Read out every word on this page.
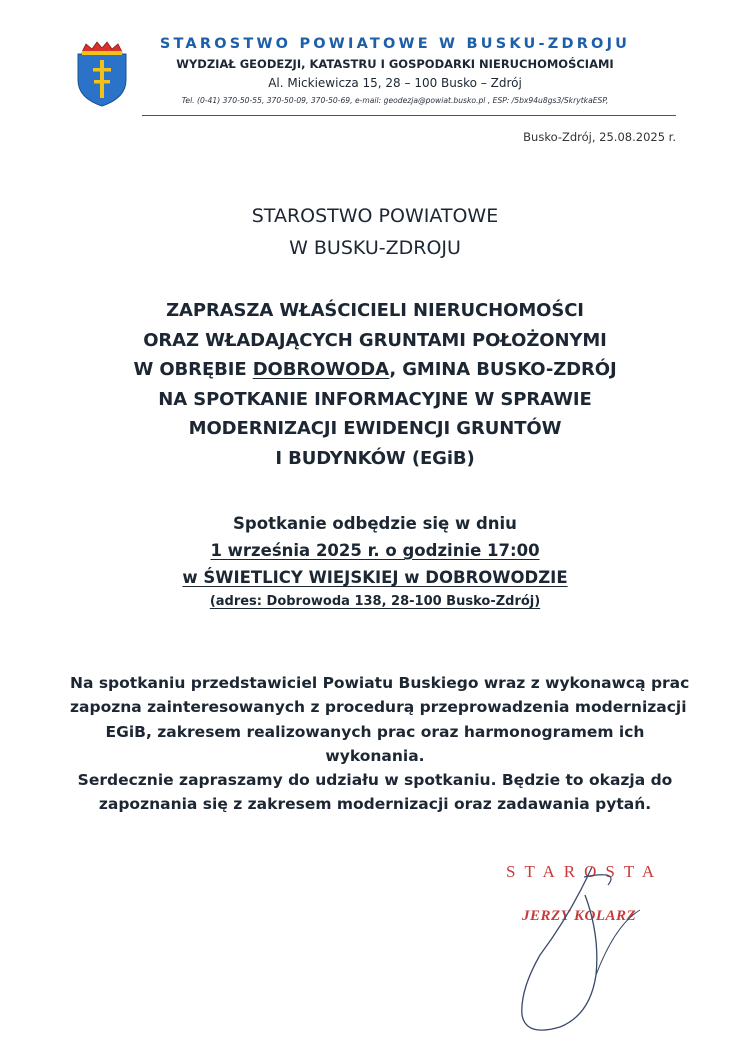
STAROSTWO POWIATOWE W BUSKU-ZDROJU
WYDZIAŁ GEODEZJI, KATASTRU I GOSPODARKI NIERUCHOMOŚCIAMI
Al. Mickiewicza 15, 28 – 100 Busko – Zdrój
Tel. (0-41) 370-50-55, 370-50-09, 370-50-69, e-mail: geodezja@powiat.busko.pl , ESP: /5bx94u8gs3/SkrytkaESP,
Busko-Zdrój, 25.08.2025 r.
STAROSTWO POWIATOWE
W BUSKU-ZDROJU
ZAPRASZA WŁAŚCICIELI NIERUCHOMOŚCI
ORAZ WŁADAJĄCYCH GRUNTAMI POŁOŻONYMI
W OBRĘBIE DOBROWODA, GMINA BUSKO-ZDRÓJ
NA SPOTKANIE INFORMACYJNE W SPRAWIE
MODERNIZACJI EWIDENCJI GRUNTÓW
I BUDYNKÓW (EGiB)
Spotkanie odbędzie się w dniu
1 września 2025 r. o godzinie 17:00
w ŚWIETLICY WIEJSKIEJ w DOBROWODZIE
(adres: Dobrowoda 138, 28-100 Busko-Zdrój)
Na spotkaniu przedstawiciel Powiatu Buskiego wraz z wykonawcą prac
zapozna zainteresowanych z procedurą przeprowadzenia modernizacji
EGiB, zakresem realizowanych prac oraz harmonogramem ich
wykonania.
Serdecznie zapraszamy do udziału w spotkaniu. Będzie to okazja do
zapoznania się z zakresem modernizacji oraz zadawania pytań.
STAROSTA
JERZY KOLARZ
